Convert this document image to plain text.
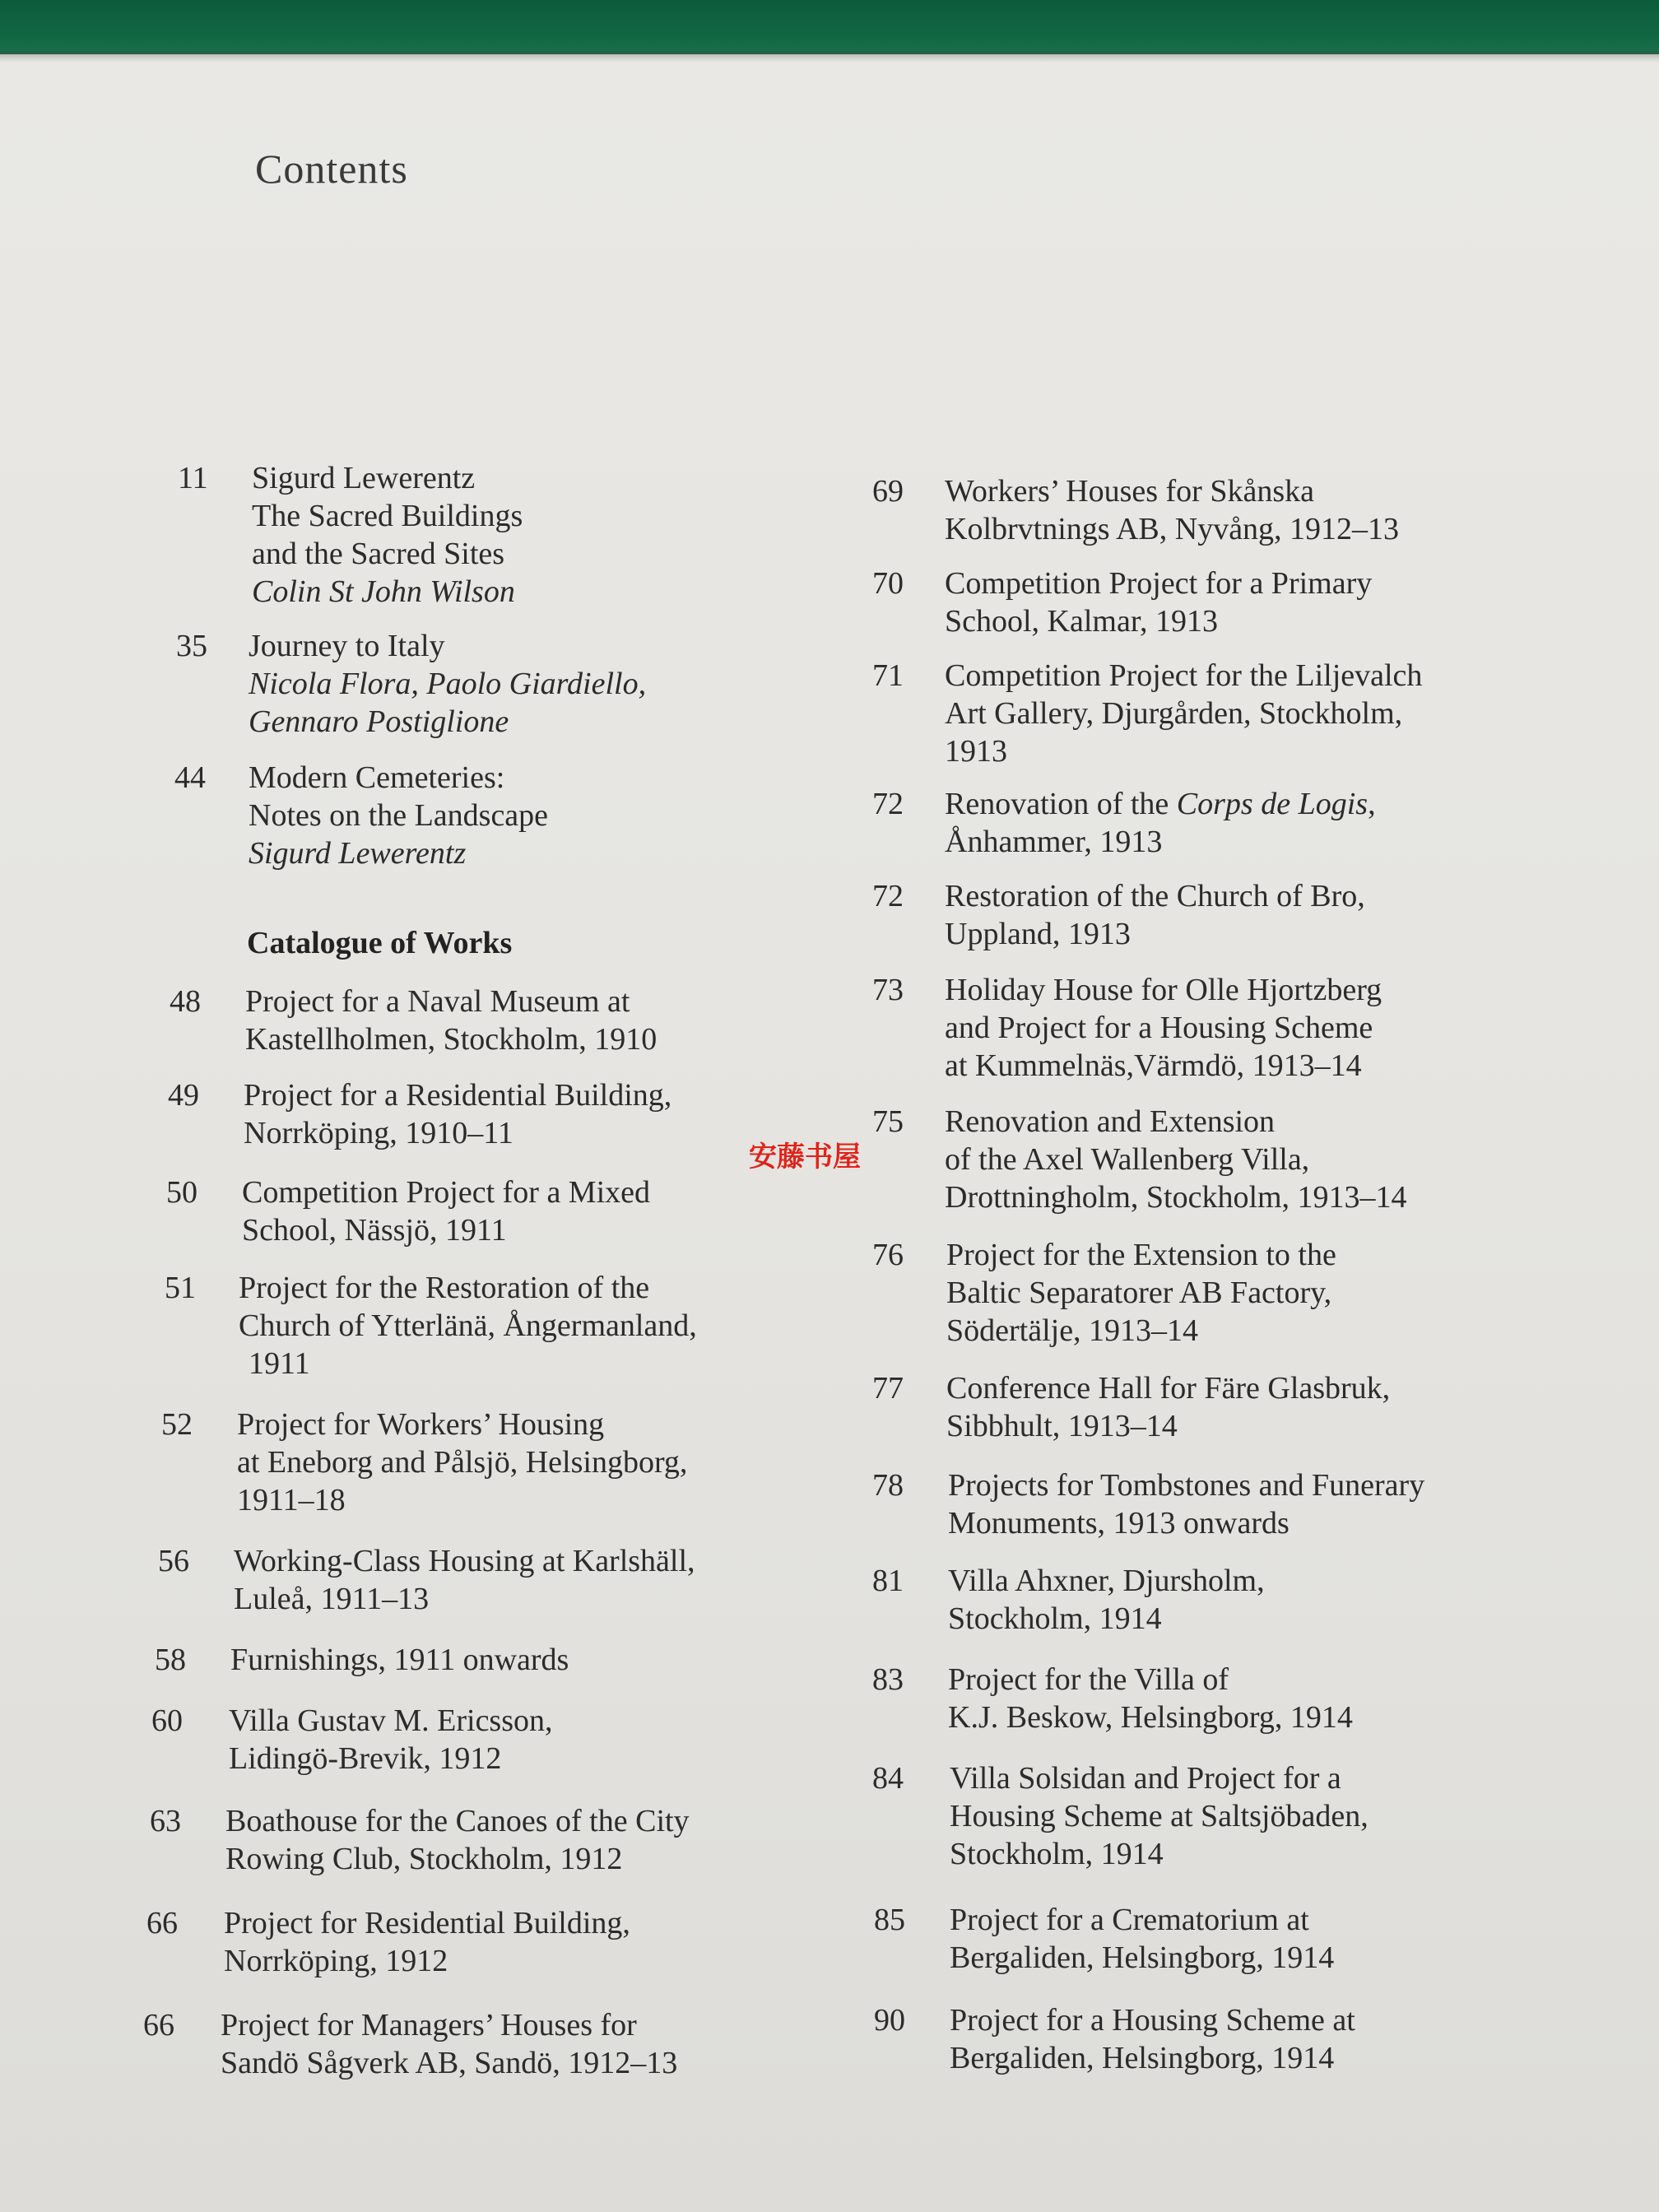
Contents
11	Sigurd Lewerentz
The Sacred Buildings
and the Sacred Sites
Colin St John Wilson
35	Journey to Italy
Nicola Flora, Paolo Giardiello, Gennaro Postiglione
44	Modern Cemeteries:
Notes on the Landscape
Sigurd Lewerentz
Catalogue of Works
48	Project for a Naval Museum at
Kastellholmen, Stockholm, 1910
49	Project for a Residential Building,
Norrköping, 1910–11
50	Competition Project for a Mixed
School, Nässjö, 1911
51	Project for the Restoration of the
Church of Ytterlänä, Ångermanland,
1911
52	Project for Workers’ Housing
at Eneborg and Pålsjö, Helsingborg,
1911–18
56	Working-Class Housing at Karlshäll,
Luleå, 1911–13
58	Furnishings, 1911 onwards
60	Villa Gustav M. Ericsson,
Lidingö-Brevik, 1912
63	Boathouse for the Canoes of the City
Rowing Club, Stockholm, 1912
66	Project for Residential Building,
Norrköping, 1912
66	Project for Managers’ Houses for
Sandö Sågverk AB, Sandö, 1912–13
69	Workers’ Houses for Skånska
Kolbrvtnings AB, Nyvång, 1912–13
70	Competition Project for a Primary
School, Kalmar, 1913
71	Competition Project for the Liljevalch
Art Gallery, Djurgården, Stockholm,
1913
72	Renovation of the Corps de Logis,
Ånhammer, 1913
72	Restoration of the Church of Bro,
Uppland, 1913
73	Holiday House for Olle Hjortzberg
and Project for a Housing Scheme
at Kummelnäs,Värmdö, 1913–14
75	Renovation and Extension
of the Axel Wallenberg Villa,
Drottningholm, Stockholm, 1913–14
76	Project for the Extension to the
Baltic Separatorer AB Factory,
Södertälje, 1913–14
77	Conference Hall for Färe Glasbruk,
Sibbhult, 1913–14
78	Projects for Tombstones and Funerary
Monuments, 1913 onwards
81	Villa Ahxner, Djursholm,
Stockholm, 1914
83	Project for the Villa of
K.J. Beskow, Helsingborg, 1914
84	Villa Solsidan and Project for a
Housing Scheme at Saltsjöbaden,
Stockholm, 1914
85	Project for a Crematorium at
Bergaliden, Helsingborg, 1914
90	Project for a Housing Scheme at
Bergaliden, Helsingborg, 1914
安藤书屋
